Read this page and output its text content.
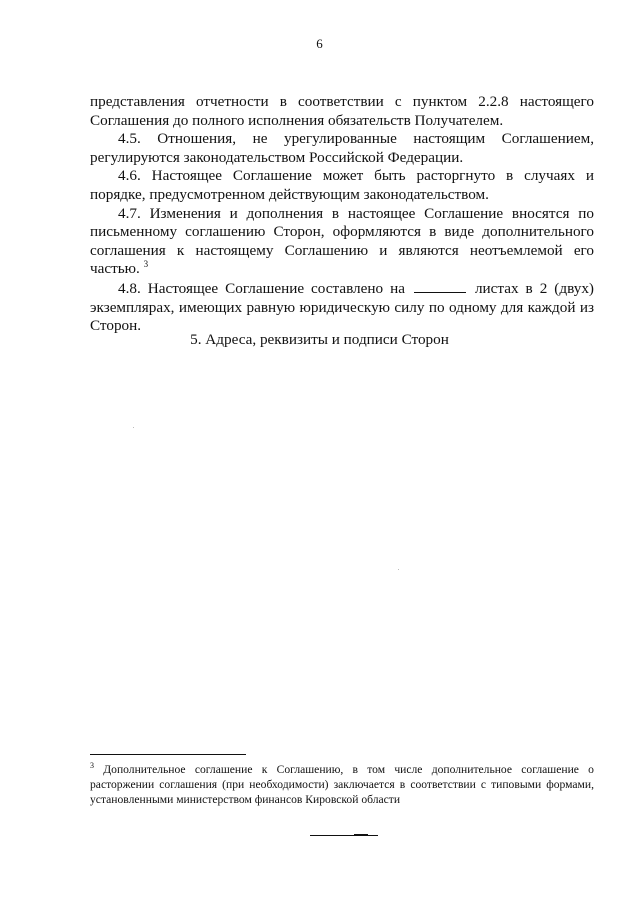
6

представления отчетности в соответствии с пунктом 2.2.8 настоящего Соглашения до полного исполнения обязательств Получателем.

4.5. Отношения, не урегулированные настоящим Соглашением, регулируются законодательством Российской Федерации.

4.6. Настоящее Соглашение может быть расторгнуто в случаях и порядке, предусмотренном действующим законодательством.

4.7. Изменения и дополнения в настоящее Соглашение вносятся по письменному соглашению Сторон, оформляются в виде дополнительного соглашения к настоящему Соглашению и являются неотъемлемой его частью. $^3$

4.8. Настоящее Соглашение составлено на	листах в 2 (двух) экземплярах, имеющих равную юридическую силу по одному для каждой из Сторон.

5. Адреса, реквизиты и подписи Сторон
$^3$ Дополнительное соглашение к Соглашению, в том числе дополнительное соглашение о расторжении соглашения (при необходимости) заключается в соответствии с типовыми формами, установленными министерством финансов Кировской области
